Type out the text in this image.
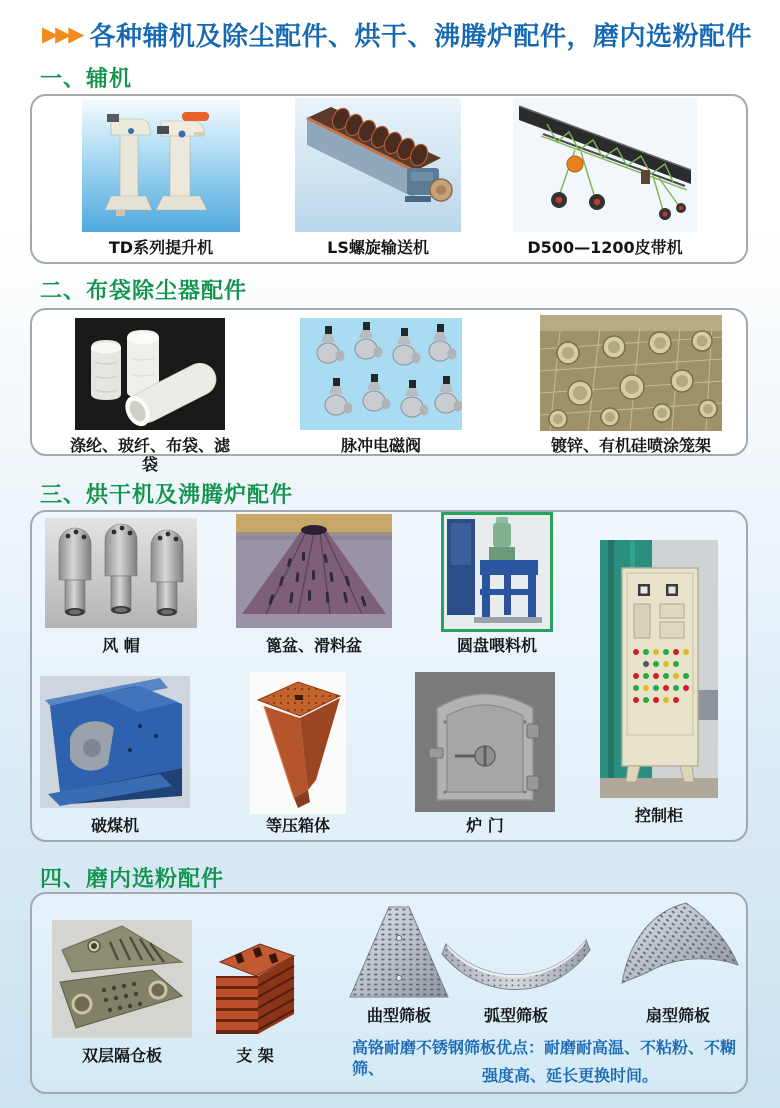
▶▶▶ 各种辅机及除尘配件、烘干、沸腾炉配件，磨内选粉配件
一、辅机
TD系列提升机	LS螺旋输送机	D500—1200皮带机
二、布袋除尘器配件
涤纶、玻纤、布袋、滤袋
脉冲电磁阀	镀锌、有机硅喷涂笼架
三、烘干机及沸腾炉配件
风 帽	篦盆、滑料盆	圆盘喂料机
控制柜
破煤机	等压箱体	炉 门
四、磨内选粉配件
双层隔仓板	支 架
曲型筛板	弧型筛板	扇型筛板
高铬耐磨不锈钢筛板优点：耐磨耐高温、不粘粉、不糊筛、	强度高、延长更换时间。
